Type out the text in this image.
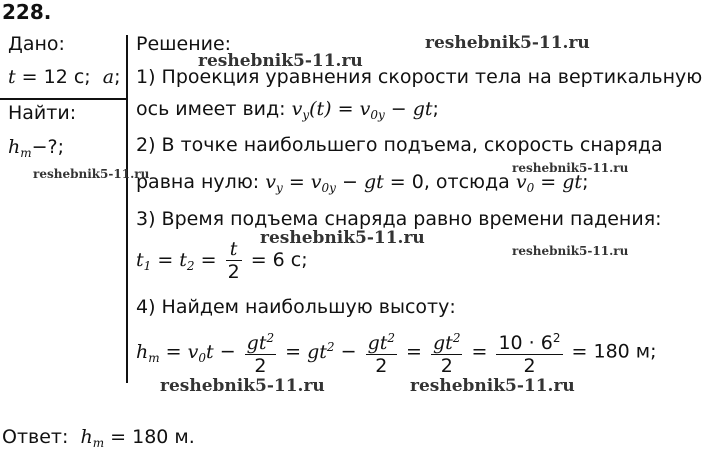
228.
Дано:
t = 12 с;  a;
Найти:
$h_m-$?;
Решение:
1) Проекция уравнения скорости тела на вертикальную
ось имеет вид: $v_y(t) = v_{0y}$ − gt;
2) В точке наибольшего подъема, скорость снаряда
равна нулю: $v_y = v_{0y}$ − gt = 0, отсюда $v_0$ = gt;
3) Время подъема снаряда равно времени падения:
$t_1 = t_2 = \frac{t}{2} = 6$ с;
4) Найдем наибольшую высоту:
$h_m = v_0t - \frac{gt^2}{2} = gt^2 - \frac{gt^2}{2} = \frac{gt^2}{2} = \frac{10 \cdot 6^2}{2} = 180$ м;
Ответ: $h_m = 180$ м.
reshebnik5-11.ru
reshebnik5-11.ru
reshebnik5-11.ru	reshebnik5-11.ru
reshebnik5-11.ru
reshebnik5-11.ru
reshebnik5-11.ru	reshebnik5-11.ru
